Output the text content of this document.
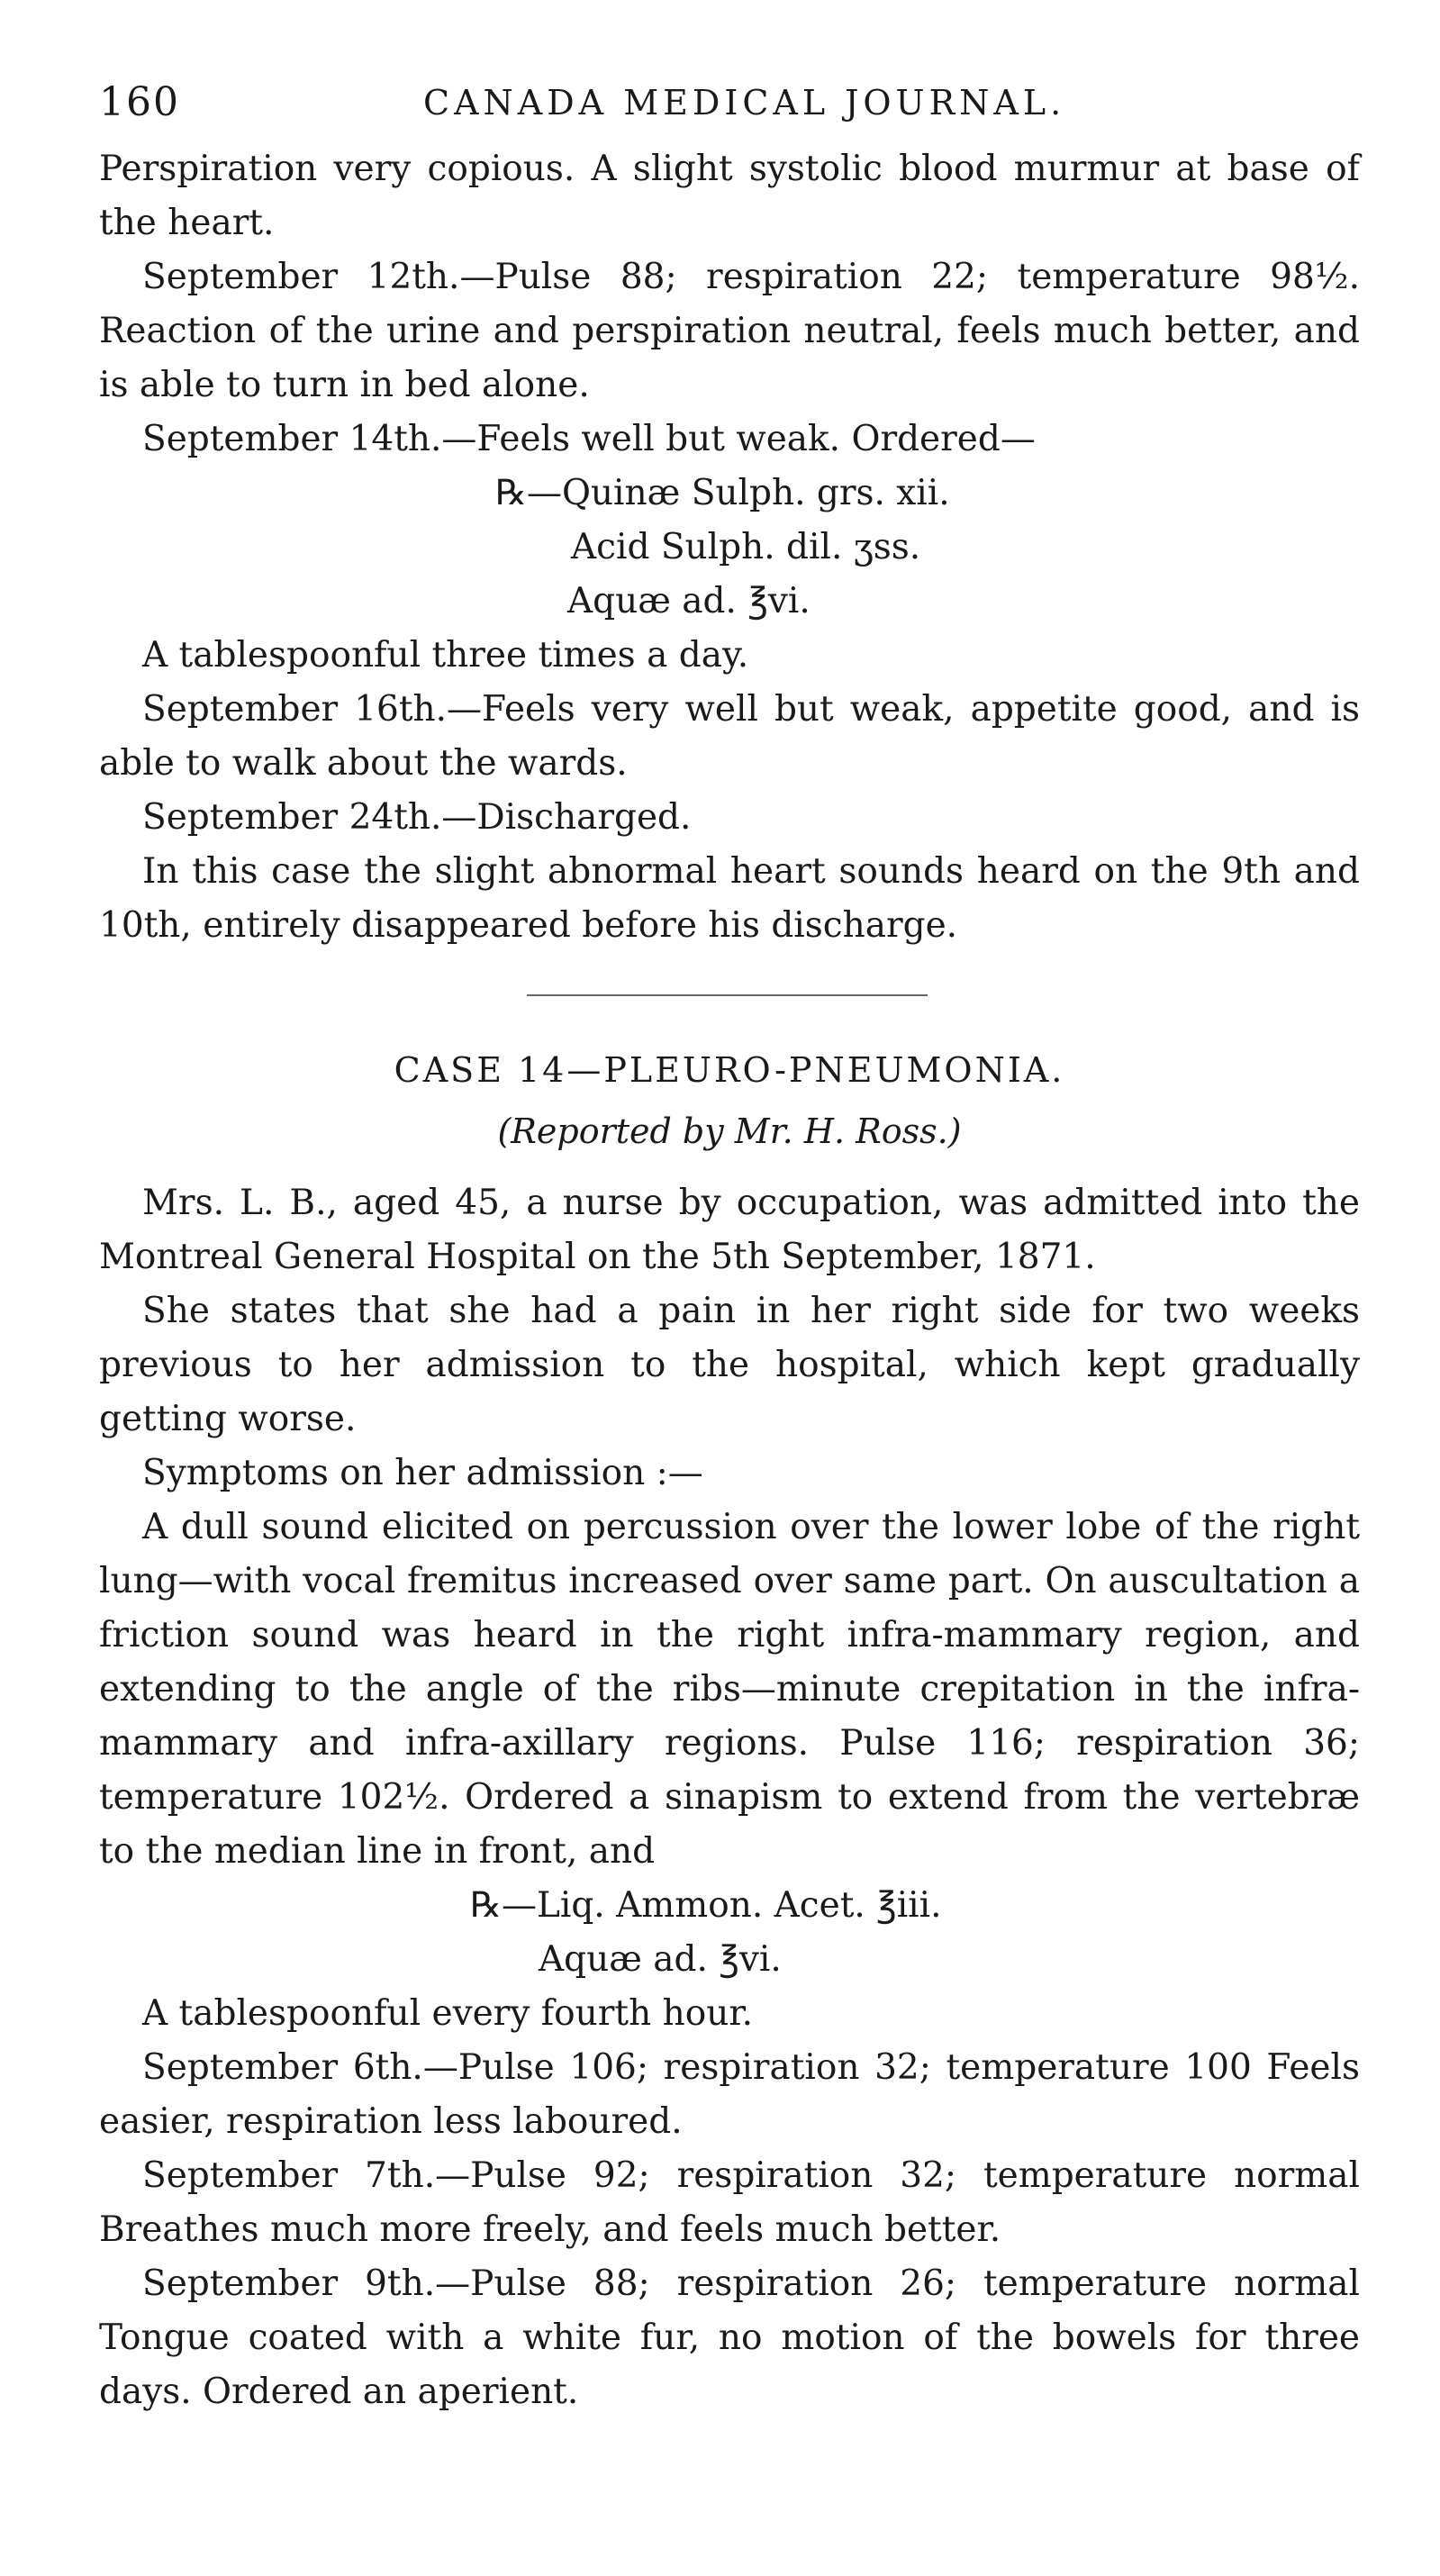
160	CANADA MEDICAL JOURNAL.

Perspiration very copious. A slight systolic blood murmur at base of the heart.

September 12th.—Pulse 88; respiration 22; temperature 98½. Reaction of the urine and perspiration neutral, feels much better, and is able to turn in bed alone.

September 14th.—Feels well but weak. Ordered—

℞—Quinæ Sulph. grs. xii.
Acid Sulph. dil. ʒss.
Aquæ ad. ℥vi.

A tablespoonful three times a day.

September 16th.—Feels very well but weak, appetite good, and is able to walk about the wards.

September 24th.—Discharged.

In this case the slight abnormal heart sounds heard on the 9th and 10th, entirely disappeared before his discharge.

CASE 14—PLEURO-PNEUMONIA.
(Reported by Mr. H. Ross.)

Mrs. L. B., aged 45, a nurse by occupation, was admitted into the Montreal General Hospital on the 5th September, 1871.

She states that she had a pain in her right side for two weeks previous to her admission to the hospital, which kept gradually getting worse.

Symptoms on her admission :—

A dull sound elicited on percussion over the lower lobe of the right lung—with vocal fremitus increased over same part. On auscultation a friction sound was heard in the right infra-mammary region, and extending to the angle of the ribs—minute crepitation in the infra-mammary and infra-axillary regions. Pulse 116; respiration 36; temperature 102½. Ordered a sinapism to extend from the vertebræ to the median line in front, and

℞—Liq. Ammon. Acet. ℥iii.
Aquæ ad. ℥vi.

A tablespoonful every fourth hour.

September 6th.—Pulse 106; respiration 32; temperature 100 Feels easier, respiration less laboured.

September 7th.—Pulse 92; respiration 32; temperature normal Breathes much more freely, and feels much better.

September 9th.—Pulse 88; respiration 26; temperature normal Tongue coated with a white fur, no motion of the bowels for three days. Ordered an aperient.
